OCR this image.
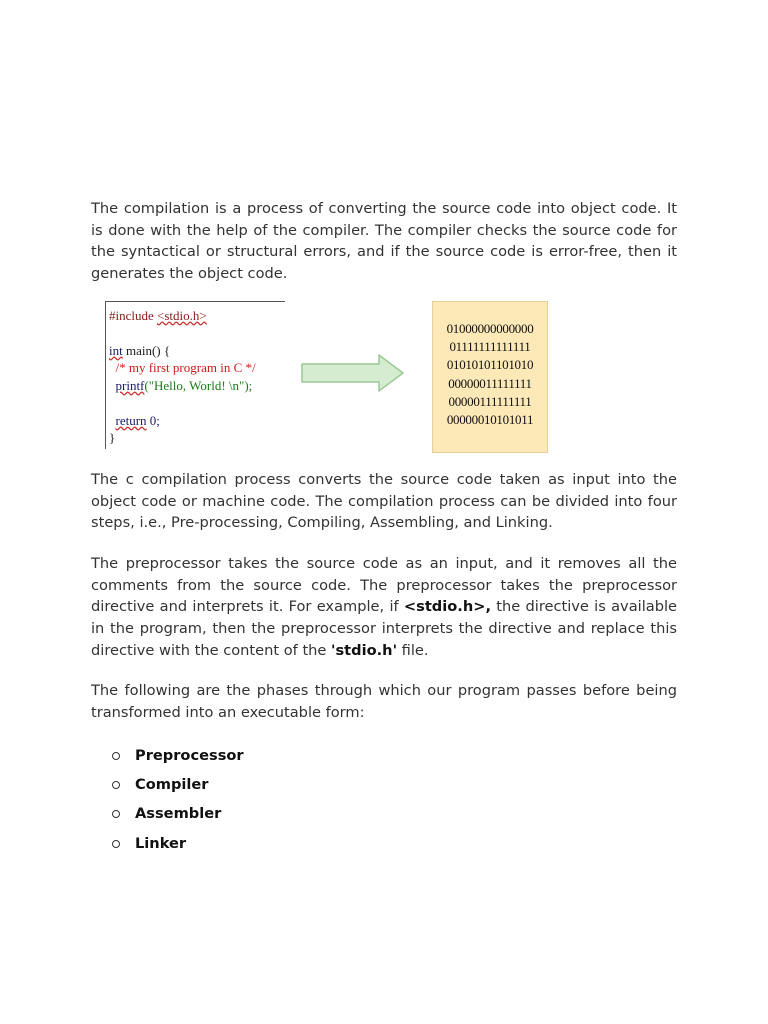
The compilation is a process of converting the source code into object code. It is done with the help of the compiler. The compiler checks the source code for the syntactical or structural errors, and if the source code is error-free, then it generates the object code.

#include <stdio.h>
int main() {
/* my first program in C */
printf("Hello, World! \n");
return 0;
}
01000000000000
01111111111111
01010101101010
00000011111111
00000111111111
00000010101011

The c compilation process converts the source code taken as input into the object code or machine code. The compilation process can be divided into four steps, i.e., Pre-processing, Compiling, Assembling, and Linking.

The preprocessor takes the source code as an input, and it removes all the comments from the source code. The preprocessor takes the preprocessor directive and interprets it. For example, if <stdio.h>, the directive is available in the program, then the preprocessor interprets the directive and replace this directive with the content of the 'stdio.h' file.

The following are the phases through which our program passes before being transformed into an executable form:

Preprocessor
Compiler
Assembler
Linker
